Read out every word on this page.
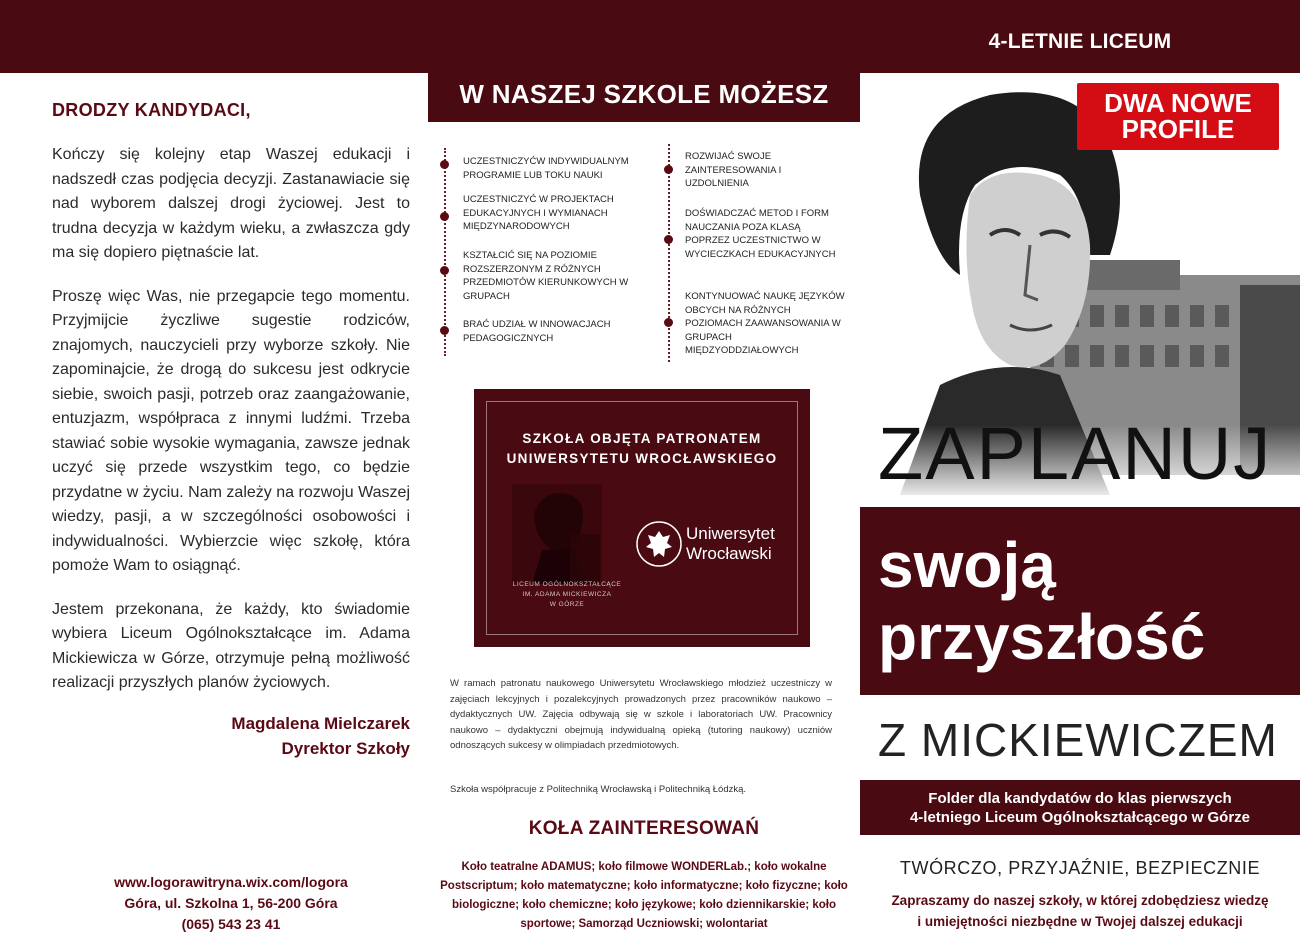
4-LETNIE LICEUM
DRODZY KANDYDACI,

Kończy się kolejny etap Waszej edukacji i nadszedł czas podjęcia decyzji. Zastanawiacie się nad wyborem dalszej drogi życiowej. Jest to trudna decyzja w każdym wieku, a zwłaszcza gdy ma się dopiero piętnaście lat.

Proszę więc Was, nie przegapcie tego momentu. Przyjmijcie życzliwe sugestie rodziców, znajomych, nauczycieli przy wyborze szkoły. Nie zapominajcie, że drogą do sukcesu jest odkrycie siebie, swoich pasji, potrzeb oraz zaangażowanie, entuzjazm, współpraca z innymi ludźmi. Trzeba stawiać sobie wysokie wymagania, zawsze jednak uczyć się przede wszystkim tego, co będzie przydatne w życiu. Nam zależy na rozwoju Waszej wiedzy, pasji, a w szczególności osobowości i indywidualności. Wybierzcie więc szkołę, która pomoże Wam to osiągnąć.

Jestem przekonana, że każdy, kto świadomie wybiera Liceum Ogólnokształcące im. Adama Mickiewicza w Górze, otrzymuje pełną możliwość realizacji przyszłych planów życiowych.

Magdalena Mielczarek
Dyrektor Szkoły
www.logorawitryna.wix.com/logora
Góra, ul. Szkolna 1, 56-200 Góra
(065) 543 23 41
W NASZEJ SZKOLE MOŻESZ
UCZESTNICZYĆW INDYWIDUALNYM PROGRAMIE LUB TOKU NAUKI
UCZESTNICZYĆ W PROJEKTACH EDUKACYJNYCH I WYMIANACH MIĘDZYNARODOWYCH
KSZTAŁCIĆ SIĘ NA POZIOMIE ROZSZERZONYM Z RÓŻNYCH PRZEDMIOTÓW KIERUNKOWYCH W GRUPACH
BRAĆ UDZIAŁ W INNOWACJACH PEDAGOGICZNYCH
ROZWIJAĆ SWOJE ZAINTERESOWANIA I UZDOLNIENIA
DOŚWIADCZAĆ METOD I FORM NAUCZANIA POZA KLASĄ POPRZEZ UCZESTNICTWO W WYCIECZKACH EDUKACYJNYCH
KONTYNUOWAĆ NAUKĘ JĘZYKÓW OBCYCH NA RÓŻNYCH POZIOMACH ZAAWANSOWANIA W GRUPACH MIĘDZYODDZIAŁOWYCH
SZKOŁA OBJĘTA PATRONATEM
UNIWERSYTETU WROCŁAWSKIEGO
LICEUM OGÓLNOKSZTAŁCĄCE
IM. ADAMA MICKIEWICZA
W GÓRZE
Uniwersytet
Wrocławski
W ramach patronatu naukowego Uniwersytetu Wrocławskiego młodzież uczestniczy w zajęciach lekcyjnych i pozalekcyjnych prowadzonych przez pracowników naukowo – dydaktycznych UW. Zajęcia odbywają się w szkole i laboratoriach UW. Pracownicy naukowo – dydaktyczni obejmują indywidualną opieką (tutoring naukowy) uczniów odnoszących sukcesy w olimpiadach przedmiotowych.
Szkoła współpracuje z Politechniką Wrocławską i Politechniką Łódzką.
KOŁA ZAINTERESOWAŃ
Koło teatralne ADAMUS; koło filmowe WONDERLab.; koło wokalne Postscriptum; koło matematyczne; koło informatyczne; koło fizyczne; koło biologiczne; koło chemiczne; koło językowe; koło dziennikarskie; koło sportowe; Samorząd Uczniowski; wolontariat
DWA NOWE
PROFILE
ZAPLANUJ
swoją
przyszłość
Z MICKIEWICZEM
Folder dla kandydatów do klas pierwszych
4-letniego Liceum Ogólnokształcącego w Górze
TWÓRCZO, PRZYJAŹNIE, BEZPIECZNIE
Zapraszamy do naszej szkoły, w której zdobędziesz wiedzę
i umiejętności niezbędne w Twojej dalszej edukacji
